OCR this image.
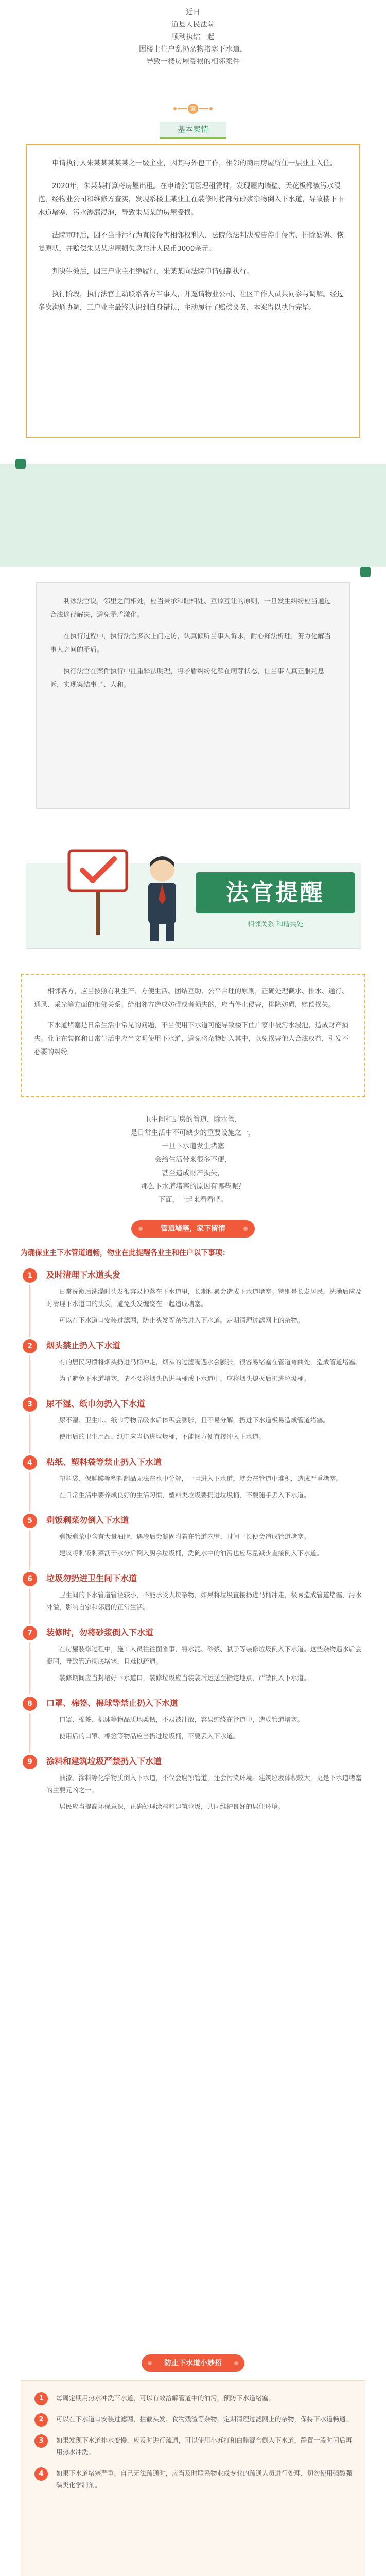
近日

道县人民法院

顺利执结一起

因楼上住户乱扔杂物堵塞下水道，

导致一楼房屋受损的相邻案件

案
基本案情

申请执行人朱某某某某某之一级企业，因其与外包工作，相邻的商用房屋所住一层业主入住。

2020年，朱某某打算将房屋出租。在申请公司管理租赁时，发现屋内墙壁、天花板都被污水浸泡，经物业公司和维修方查实，发现系楼上某业主在装修时将部分砂浆杂物倒入下水道，导致楼下下水道堵塞，污水渗漏浸泡，导致朱某某的房屋受损。

法院审理后，因不当排污行为直接侵害相邻权利人，法院依法判决被告停止侵害、排除妨碍、恢复原状，并赔偿朱某某房屋损失款共计人民币3000余元。

判决生效后，因三户业主拒绝履行，朱某某向法院申请强制执行。

执行阶段，执行法官主动联系各方当事人，并邀请物业公司、社区工作人员共同参与调解。经过多次沟通协调，三户业主最终认识到自身错误，主动履行了赔偿义务，本案得以执行完毕。

利冰法官说，邻里之间相处，应当秉承和睦相处、互谅互让的原则，一旦发生纠纷应当通过合法途径解决，避免矛盾激化。

在执行过程中，执行法官多次上门走访，认真倾听当事人诉求，耐心释法析理，努力化解当事人之间的矛盾。

执行法官在案件执行中注重释法明理，将矛盾纠纷化解在萌芽状态，让当事人真正服判息诉，实现案结事了、人和。

法官提醒
相邻关系 和谐共处

相邻各方，应当按照有利生产、方便生活、团结互助、公平合理的原则，正确处理截水、排水、通行、通风、采光等方面的相邻关系。给相邻方造成妨碍或者损失的，应当停止侵害，排除妨碍，赔偿损失。

下水道堵塞是日常生活中常见的问题，不当使用下水道可能导致楼下住户家中被污水浸泡，造成财产损失。业主在装修和日常生活中应当文明使用下水道，避免将杂物倒入其中，以免损害他人合法权益，引发不必要的纠纷。

卫生间和厨房的管道，除水管，

是日常生活中不可缺少的重要设施之一，

一旦下水道发生堵塞

会给生活带来很多不便，

甚至造成财产损失，

那么下水道堵塞的原因有哪些呢？

下面，一起来看看吧。

管道堵塞，家下留情
为确保业主下水管道通畅，物业在此提醒各业主和住户以下事项：
1	及时清理下水道头发

日常洗漱后洗澡时头发很容易掉落在下水道里，长期积累会造成下水道堵塞。特别是长发居民，洗澡后应及时清理下水道口的头发，避免头发缠绕在一起造成堵塞。

可以在下水道口安装过滤网，防止头发等杂物进入下水道。定期清理过滤网上的杂物。

2	烟头禁止扔入下水道

有的居民习惯将烟头扔进马桶冲走，烟头的过滤嘴遇水会膨胀，很容易堵塞在管道弯曲处，造成管道堵塞。

为了避免下水道堵塞，请不要将烟头扔进马桶或下水道中，应将烟头熄灭后扔进垃圾桶。

3	尿不湿、纸巾勿扔入下水道

尿不湿、卫生巾、纸巾等物品吸水后体积会膨胀，且不易分解，扔进下水道极易造成管道堵塞。

使用后的卫生用品、纸巾应当扔进垃圾桶，不能图方便直接冲入下水道。

4	粘纸、塑料袋等禁止扔入下水道

塑料袋、保鲜膜等塑料制品无法在水中分解，一旦进入下水道，就会在管道中堆积，造成严重堵塞。

在日常生活中要养成良好的生活习惯，塑料类垃圾要扔进垃圾桶，不要随手丢入下水道。

5	剩饭剩菜勿倒入下水道

剩饭剩菜中含有大量油脂，遇冷后会凝固附着在管道内壁，时间一长便会造成管道堵塞。

建议将剩饭剩菜沥干水分后倒入厨余垃圾桶，洗碗水中的油污也应尽量减少直接倒入下水道。

6	垃圾勿扔进卫生间下水道

卫生间的下水管道管径较小，不能承受大块杂物，如果将垃圾直接扔进马桶冲走，极易造成管道堵塞，污水外溢，影响自家和邻居的正常生活。

7	装修时，勿将砂浆倒入下水道

在房屋装修过程中，施工人员往往图省事，将水泥、砂浆、腻子等装修垃圾倒入下水道。这些杂物遇水后会凝固，导致管道彻底堵塞，且难以疏通。

装修期间应当封堵好下水道口，装修垃圾应当装袋后运送至指定地点，严禁倒入下水道。

8	口罩、棉签、棉球等禁止扔入下水道

口罩、棉签、棉球等物品质地柔韧，不易被冲散，容易缠绕在管道中，造成管道堵塞。

使用后的口罩、棉签等物品应当扔进垃圾桶，不要丢入下水道。

9	涂料和建筑垃圾严禁扔入下水道

油漆、涂料等化学物质倒入下水道，不仅会腐蚀管道，还会污染环境。建筑垃圾体积较大，更是下水道堵塞的主要元凶之一。

居民应当提高环保意识，正确处理涂料和建筑垃圾，共同维护良好的居住环境。

防止下水道小妙招
1	每周定期用热水冲洗下水道，可以有效溶解管道中的油污，预防下水道堵塞。

2	可以在下水道口安装过滤网，拦截头发、食物残渣等杂物，定期清理过滤网上的杂物，保持下水道畅通。

3	如果发现下水道排水变慢，应及时进行疏通，可以使用小苏打和白醋混合倒入下水道，静置一段时间后再用热水冲洗。

4	如果下水道堵塞严重，自己无法疏通时，应当及时联系物业或专业的疏通人员进行处理，切勿使用强酸强碱类化学制剂。
